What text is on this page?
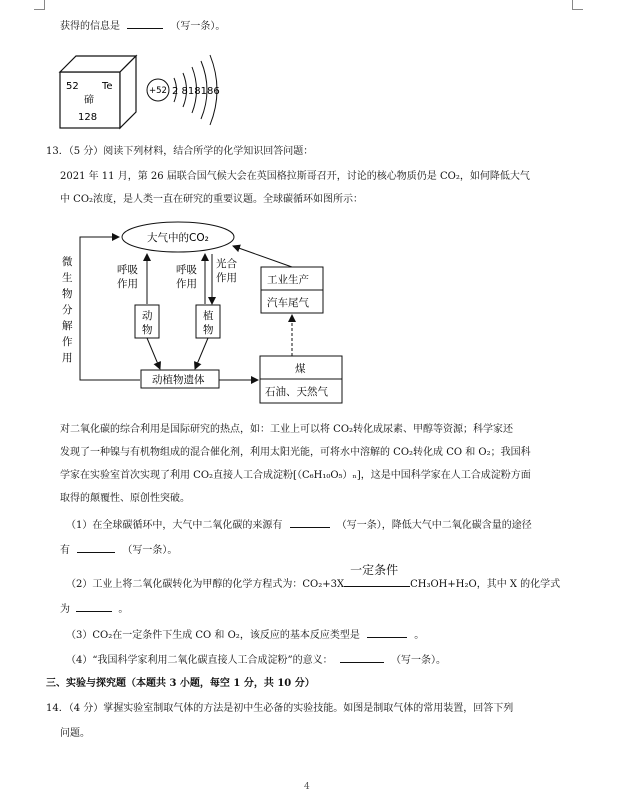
获得的信息是	（写一条）。
52 Te
碲
128
+52 2 818186
13．（5 分）阅读下列材料，结合所学的化学知识回答问题：
2021 年 11 月，第 26 届联合国气候大会在英国格拉斯哥召开，讨论的核心物质仍是 CO₂，如何降低大气
中 CO₂浓度，是人类一直在研究的重要议题。全球碳循环如图所示：
大气中的CO₂
微
生
物
分
解
作
用
呼吸
作用
呼吸
作用
光合
作用
动
物
植
物
工业生产
汽车尾气
动植物遗体
煤
石油、天然气
对二氧化碳的综合利用是国际研究的热点，如：工业上可以将 CO₂转化成尿素、甲醇等资源；科学家还
发现了一种镍与有机物组成的混合催化剂，利用太阳光能，可将水中溶解的 CO₂转化成 CO 和 O₂；我国科
学家在实验室首次实现了利用 CO₂直接人工合成淀粉[（C₆H₁₀O₅）ₙ]，这是中国科学家在人工合成淀粉方面
取得的颠覆性、原创性突破。
（1）在全球碳循环中，大气中二氧化碳的来源有	（写一条），降低大气中二氧化碳含量的途径
有	（写一条）。
（2）工业上将二氧化碳转化为甲醇的化学方程式为：CO₂+3X
一定条件
CH₃OH+H₂O，其中 X 的化学式
为	。
（3）CO₂在一定条件下生成 CO 和 O₂，该反应的基本反应类型是	。
（4）“我国科学家利用二氧化碳直接人工合成淀粉”的意义：	（写一条）。
三、实验与探究题（本题共 3 小题，每空 1 分，共 10 分）
14．（4 分）掌握实验室制取气体的方法是初中生必备的实验技能。如图是制取气体的常用装置，回答下列
问题。
4
